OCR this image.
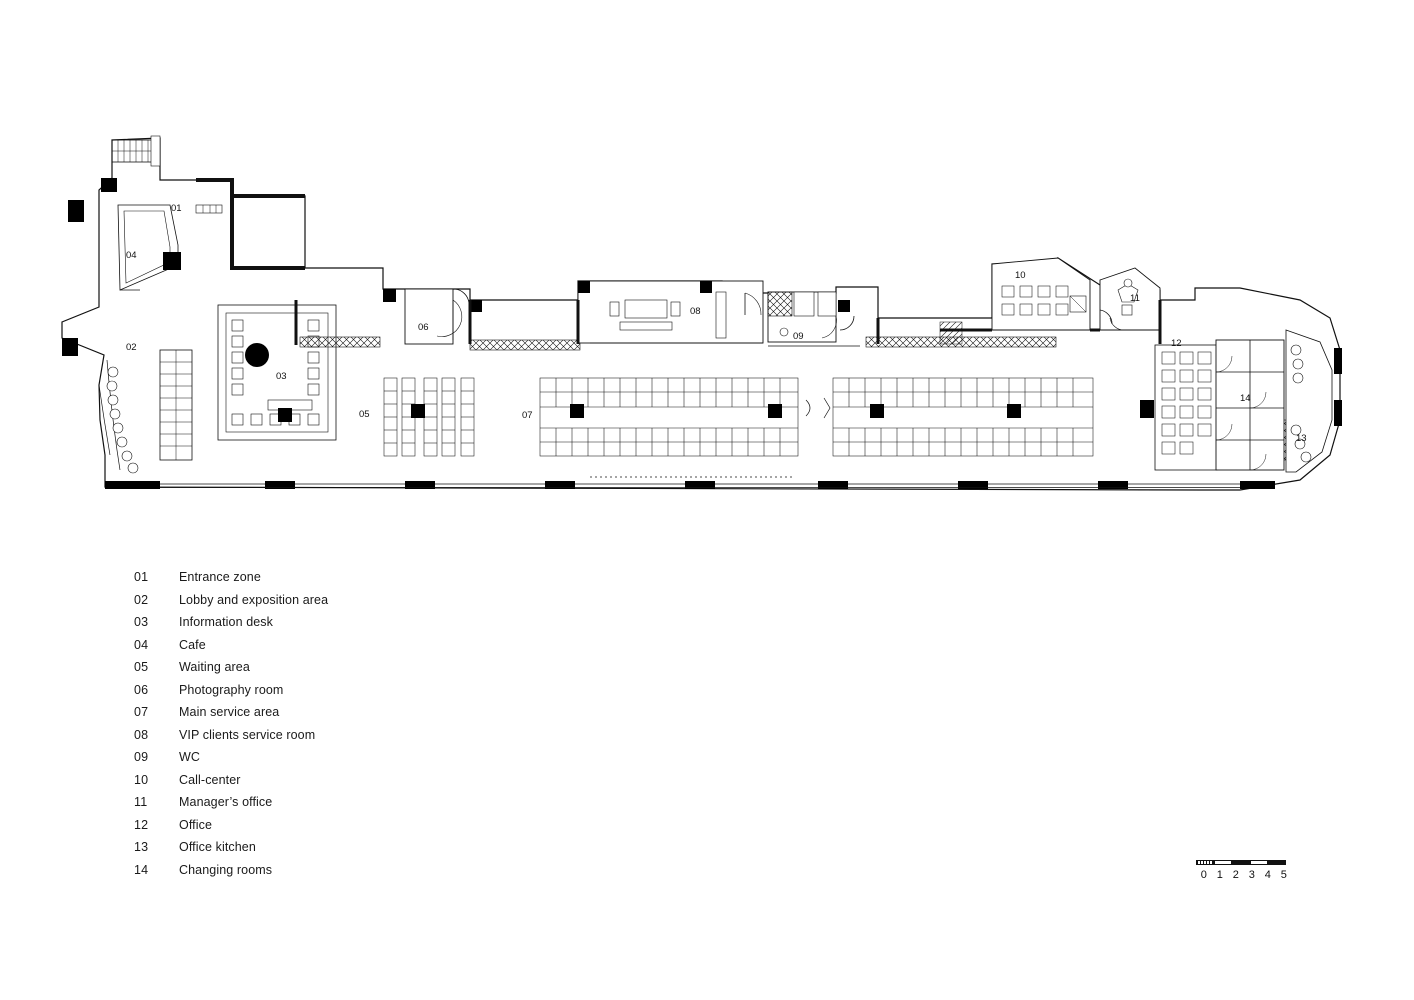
01
02
03
04
05
06
07
08
09
10
11
12
13
14
01	Entrance zone
02	Lobby and exposition area
03	Information desk
04	Cafe
05	Waiting area
06	Photography room
07	Main service area
08	VIP clients service room
09	WC
10	Call-center
11	Manager’s office
12	Office
13	Office kitchen
14	Changing rooms	0 1 2 3 4 5
